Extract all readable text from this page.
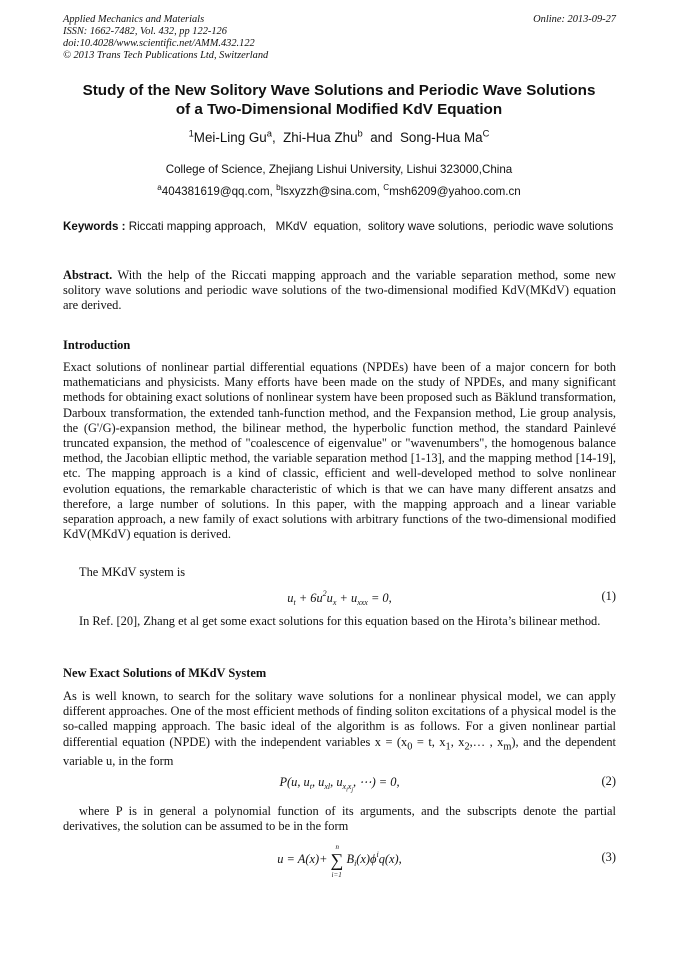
Applied Mechanics and Materials
ISSN: 1662-7482, Vol. 432, pp 122-126
doi:10.4028/www.scientific.net/AMM.432.122
© 2013 Trans Tech Publications Ltd, Switzerland
Online: 2013-09-27
Study of the New Solitory Wave Solutions and Periodic Wave Solutions
of a Two-Dimensional Modified KdV Equation
$^1$Mei-Ling Gu$^a$,  Zhi-Hua Zhu$^b$  and  Song-Hua $Ma^C$
College of Science, Zhejiang Lishui University, Lishui 323000,China
$^a$404381619@qq.com, $^b$lsxyzzh@sina.com, $^C$msh6209@yahoo.com.cn
Keywords : Riccati mapping approach,   MKdV  equation,  solitory wave solutions,  periodic wave solutions
Abstract. With the help of the Riccati mapping approach and the variable separation method, some new solitory wave solutions and periodic wave solutions of the two-dimensional modified KdV(MKdV) equation are derived.
Introduction
Exact solutions of nonlinear partial differential equations (NPDEs) have been of a major concern for both mathematicians and physicists. Many efforts have been made on the study of NPDEs, and many significant methods for obtaining exact solutions of nonlinear system have been proposed such as Bäklund transformation, Darboux transformation, the extended tanh-function method, and the Fexpansion method, Lie group analysis, the (G'/G)-expansion method, the bilinear method, the hyperbolic function method, the standard Painlevé truncated expansion, the method of "coalescence of eigenvalue" or "wavenumbers", the homogenous balance method, the Jacobian elliptic method, the variable separation method [1-13], and the mapping method [14-19], etc. The mapping approach is a kind of classic, efficient and well-developed method to solve nonlinear evolution equations, the remarkable characteristic of which is that we can have many different ansatzs and therefore, a large number of solutions. In this paper, with the mapping approach and a linear variable separation approach, a new family of exact solutions with arbitrary functions of the two-dimensional modified KdV(MKdV) equation is derived.
The MKdV system is
$u_t + 6u^2u_x + u_{xxx} = 0$,	(1)
In Ref. [20], Zhang et al get some exact solutions for this equation based on the Hirota’s bilinear method.
New Exact Solutions of MKdV System
As is well known, to search for the solitary wave solutions for a nonlinear physical model, we can apply different approaches. One of the most efficient methods of finding soliton excitations of a physical model is the so-called mapping approach. The basic ideal of the algorithm is as follows. For a given nonlinear partial differential equation (NPDE) with the independent variables $x = (x_0 = t$, $x_1$, $x_2,\dots$ , $x_m$), and the dependent variable u, in the form
P(u, $u_t$, $u_{xl}$, $u_{x_ix_j}$, ⋯) = 0,	(2)
where P is in general a polynomial function of its arguments, and the subscripts denote the partial derivatives, the solution can be assumed to be in the form
u = A(x)+ ∑
n
i=1
$B_i(x)\phi^iq(x)$,	(3)
